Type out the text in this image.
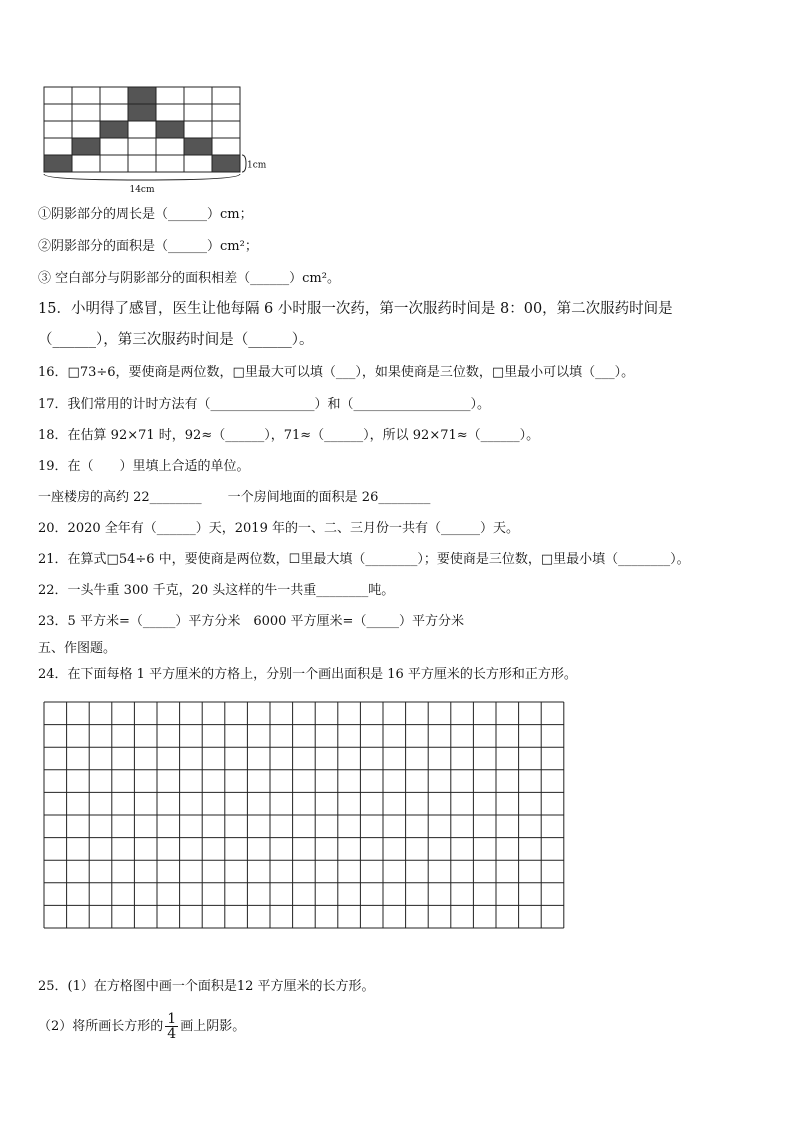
1cm
14cm
①阴影部分的周长是（______）cm；
②阴影部分的面积是（______）cm²；
③ 空白部分与阴影部分的面积相差（______）cm²。
15．小明得了感冒，医生让他每隔 6 小时服一次药，第一次服药时间是 8：00，第二次服药时间是
（______），第三次服药时间是（______）。
16．□73÷6，要使商是两位数，□里最大可以填（___），如果使商是三位数，□里最小可以填（___）。
17．我们常用的计时方法有（________________）和（__________________）。
18．在估算 92×71 时，92≈（______），71≈（______），所以 92×71≈（______）。
19．在（　　）里填上合适的单位。
一座楼房的高约 22________　　一个房间地面的面积是 26________
20．2020 全年有（______）天，2019 年的一、二、三月份一共有（______）天。
21．在算式□54÷6 中，要使商是两位数，☐里最大填（________）；要使商是三位数，□里最小填（________）。
22．一头牛重 300 千克，20 头这样的牛一共重________吨。
23．5 平方米=（_____）平方分米　6000 平方厘米=（_____）平方分米
五、作图题。
24．在下面每格 1 平方厘米的方格上，分别一个画出面积是 16 平方厘米的长方形和正方形。
25．(1）在方格图中画一个面积是12 平方厘米的长方形。
（2）将所画长方形的 $\frac{1}{4}$ 画上阴影。
